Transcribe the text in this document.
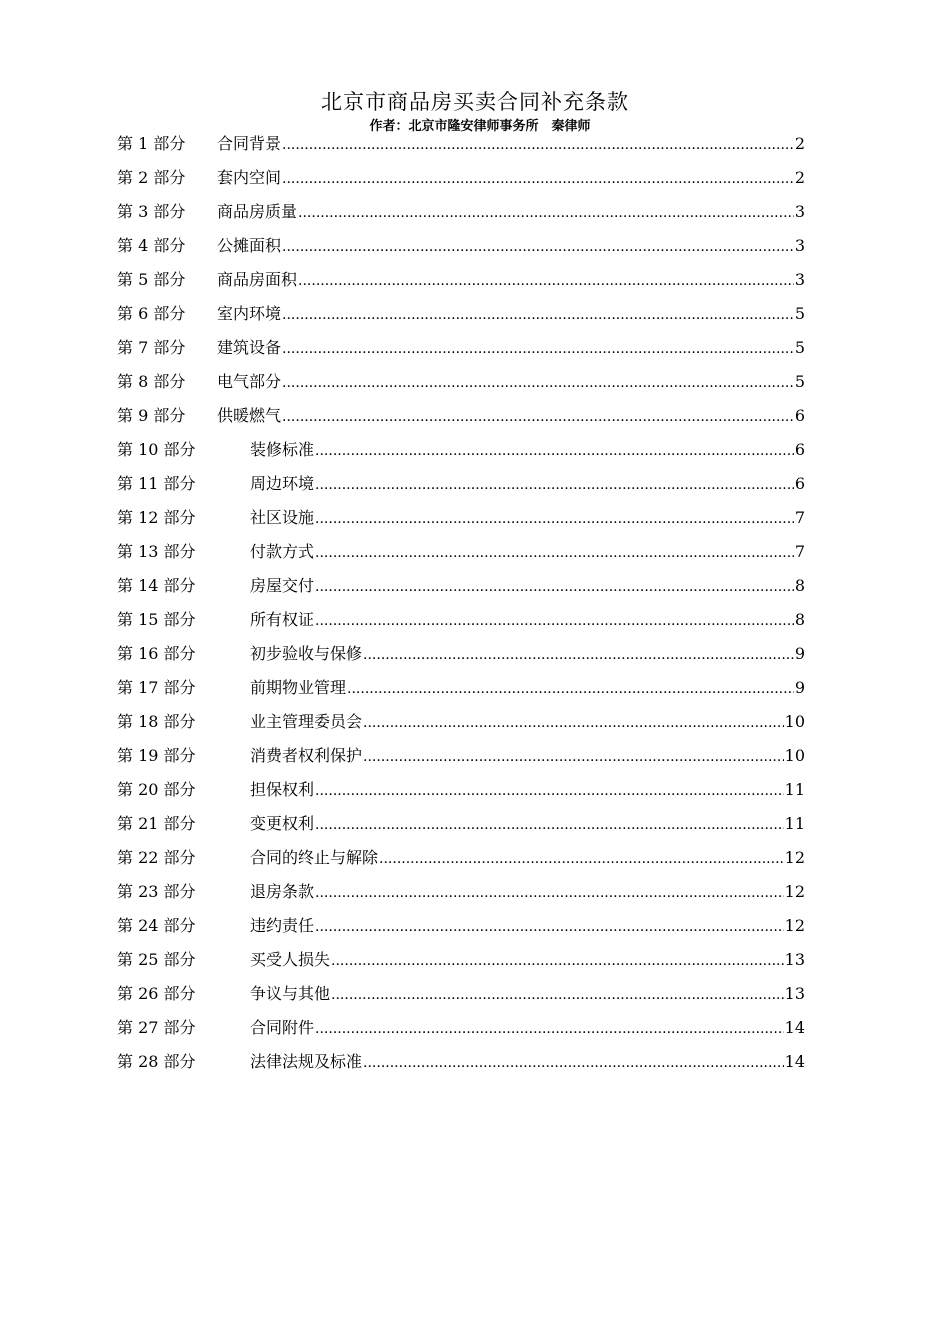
北京市商品房买卖合同补充条款
作者：北京市隆安律师事务所　秦律师
第 1 部分	合同背景 .....	2
第 2 部分	套内空间 .....	2
第 3 部分	商品房质量 .....	3
第 4 部分	公摊面积 .....	3
第 5 部分	商品房面积 .....	3
第 6 部分	室内环境 .....	5
第 7 部分	建筑设备 .....	5
第 8 部分	电气部分 .....	5
第 9 部分	供暖燃气 .....	6
第 10 部分	装修标准 .....	6
第 11 部分	周边环境 .....	6
第 12 部分	社区设施 .....	7
第 13 部分	付款方式 .....	7
第 14 部分	房屋交付 .....	8
第 15 部分	所有权证 .....	8
第 16 部分	初步验收与保修 .....	9
第 17 部分	前期物业管理 .....	9
第 18 部分	业主管理委员会 .....	10
第 19 部分	消费者权利保护 .....	10
第 20 部分	担保权利 .....	11
第 21 部分	变更权利 .....	11
第 22 部分	合同的终止与解除 .....	12
第 23 部分	退房条款 .....	12
第 24 部分	违约责任 .....	12
第 25 部分	买受人损失 .....	13
第 26 部分	争议与其他 .....	13
第 27 部分	合同附件 .....	14
第 28 部分	法律法规及标准 .....	14
